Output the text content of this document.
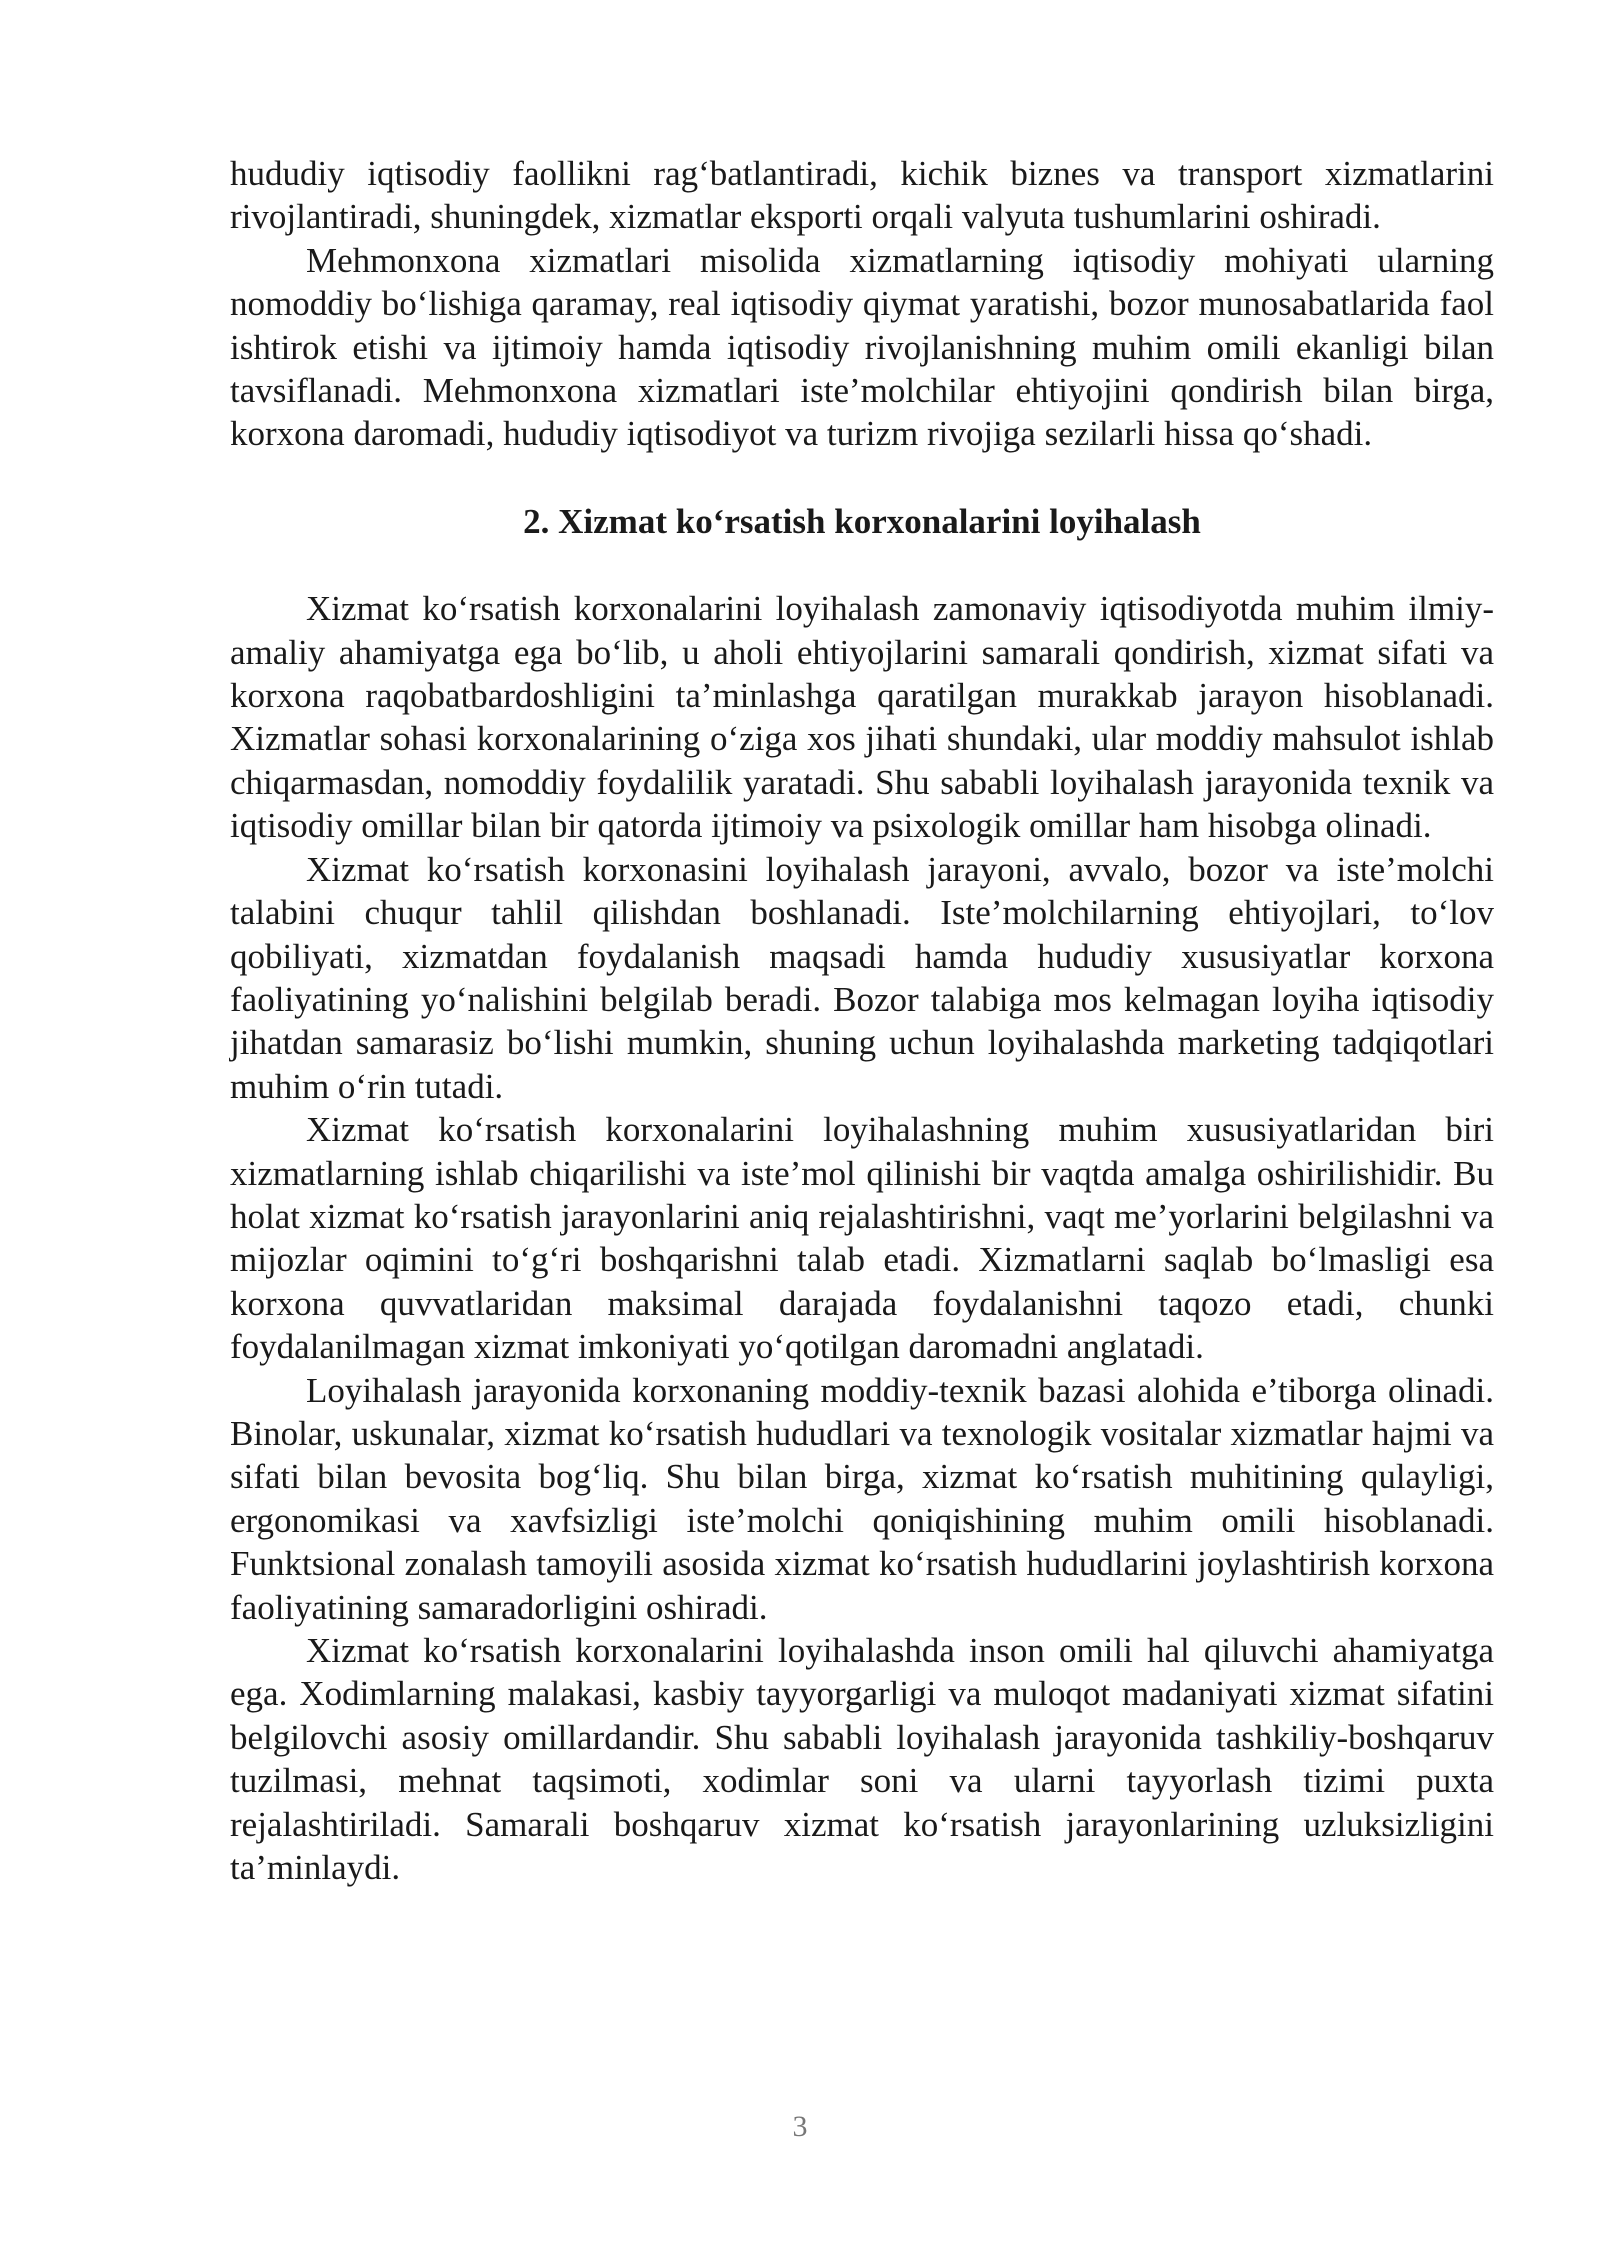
hududiy iqtisodiy faollikni rag‘batlantiradi, kichik biznes va transport xizmatlarini rivojlantiradi, shuningdek, xizmatlar eksporti orqali valyuta tushumlarini oshiradi.

Mehmonxona xizmatlari misolida xizmatlarning iqtisodiy mohiyati ularning nomoddiy bo‘lishiga qaramay, real iqtisodiy qiymat yaratishi, bozor munosabatlarida faol ishtirok etishi va ijtimoiy hamda iqtisodiy rivojlanishning muhim omili ekanligi bilan tavsiflanadi. Mehmonxona xizmatlari iste’molchilar ehtiyojini qondirish bilan birga, korxona daromadi, hududiy iqtisodiyot va turizm rivojiga sezilarli hissa qo‘shadi.

2. Xizmat ko‘rsatish korxonalarini loyihalash

Xizmat ko‘rsatish korxonalarini loyihalash zamonaviy iqtisodiyotda muhim ilmiy-amaliy ahamiyatga ega bo‘lib, u aholi ehtiyojlarini samarali qondirish, xizmat sifati va korxona raqobatbardoshligini ta’minlashga qaratilgan murakkab jarayon hisoblanadi. Xizmatlar sohasi korxonalarining o‘ziga xos jihati shundaki, ular moddiy mahsulot ishlab chiqarmasdan, nomoddiy foydalilik yaratadi. Shu sababli loyihalash jarayonida texnik va iqtisodiy omillar bilan bir qatorda ijtimoiy va psixologik omillar ham hisobga olinadi.

Xizmat ko‘rsatish korxonasini loyihalash jarayoni, avvalo, bozor va iste’molchi talabini chuqur tahlil qilishdan boshlanadi. Iste’molchilarning ehtiyojlari, to‘lov qobiliyati, xizmatdan foydalanish maqsadi hamda hududiy xususiyatlar korxona faoliyatining yo‘nalishini belgilab beradi. Bozor talabiga mos kelmagan loyiha iqtisodiy jihatdan samarasiz bo‘lishi mumkin, shuning uchun loyihalashda marketing tadqiqotlari muhim o‘rin tutadi.

Xizmat ko‘rsatish korxonalarini loyihalashning muhim xususiyatlaridan biri xizmatlarning ishlab chiqarilishi va iste’mol qilinishi bir vaqtda amalga oshirilishidir. Bu holat xizmat ko‘rsatish jarayonlarini aniq rejalashtirishni, vaqt me’yorlarini belgilashni va mijozlar oqimini to‘g‘ri boshqarishni talab etadi. Xizmatlarni saqlab bo‘lmasligi esa korxona quvvatlaridan maksimal darajada foydalanishni taqozo etadi, chunki foydalanilmagan xizmat imkoniyati yo‘qotilgan daromadni anglatadi.

Loyihalash jarayonida korxonaning moddiy-texnik bazasi alohida e’tiborga olinadi. Binolar, uskunalar, xizmat ko‘rsatish hududlari va texnologik vositalar xizmatlar hajmi va sifati bilan bevosita bog‘liq. Shu bilan birga, xizmat ko‘rsatish muhitining qulayligi, ergonomikasi va xavfsizligi iste’molchi qoniqishining muhim omili hisoblanadi. Funktsional zonalash tamoyili asosida xizmat ko‘rsatish hududlarini joylashtirish korxona faoliyatining samaradorligini oshiradi.

Xizmat ko‘rsatish korxonalarini loyihalashda inson omili hal qiluvchi ahamiyatga ega. Xodimlarning malakasi, kasbiy tayyorgarligi va muloqot madaniyati xizmat sifatini belgilovchi asosiy omillardandir. Shu sababli loyihalash jarayonida tashkiliy-boshqaruv tuzilmasi, mehnat taqsimoti, xodimlar soni va ularni tayyorlash tizimi puxta rejalashtiriladi. Samarali boshqaruv xizmat ko‘rsatish jarayonlarining uzluksizligini ta’minlaydi.

3
